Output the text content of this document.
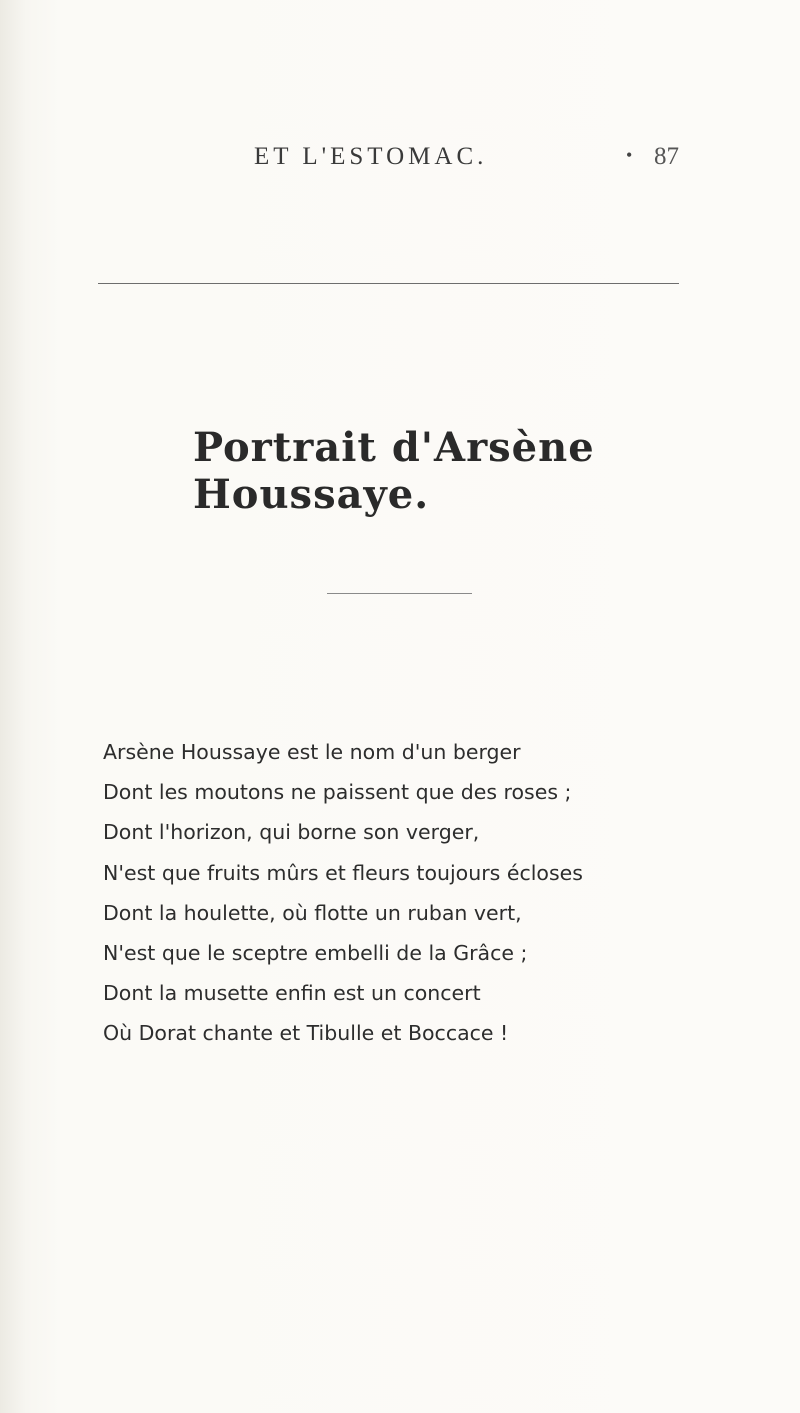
ET L'ESTOMAC.	• 87
Portrait d'Arsène Houssaye.
Arsène Houssaye est le nom d'un berger
Dont les moutons ne paissent que des roses ;
Dont l'horizon, qui borne son verger,
N'est que fruits mûrs et fleurs toujours écloses
Dont la houlette, où flotte un ruban vert,
N'est que le sceptre embelli de la Grâce ;
Dont la musette enfin est un concert
Où Dorat chante et Tibulle et Boccace !
